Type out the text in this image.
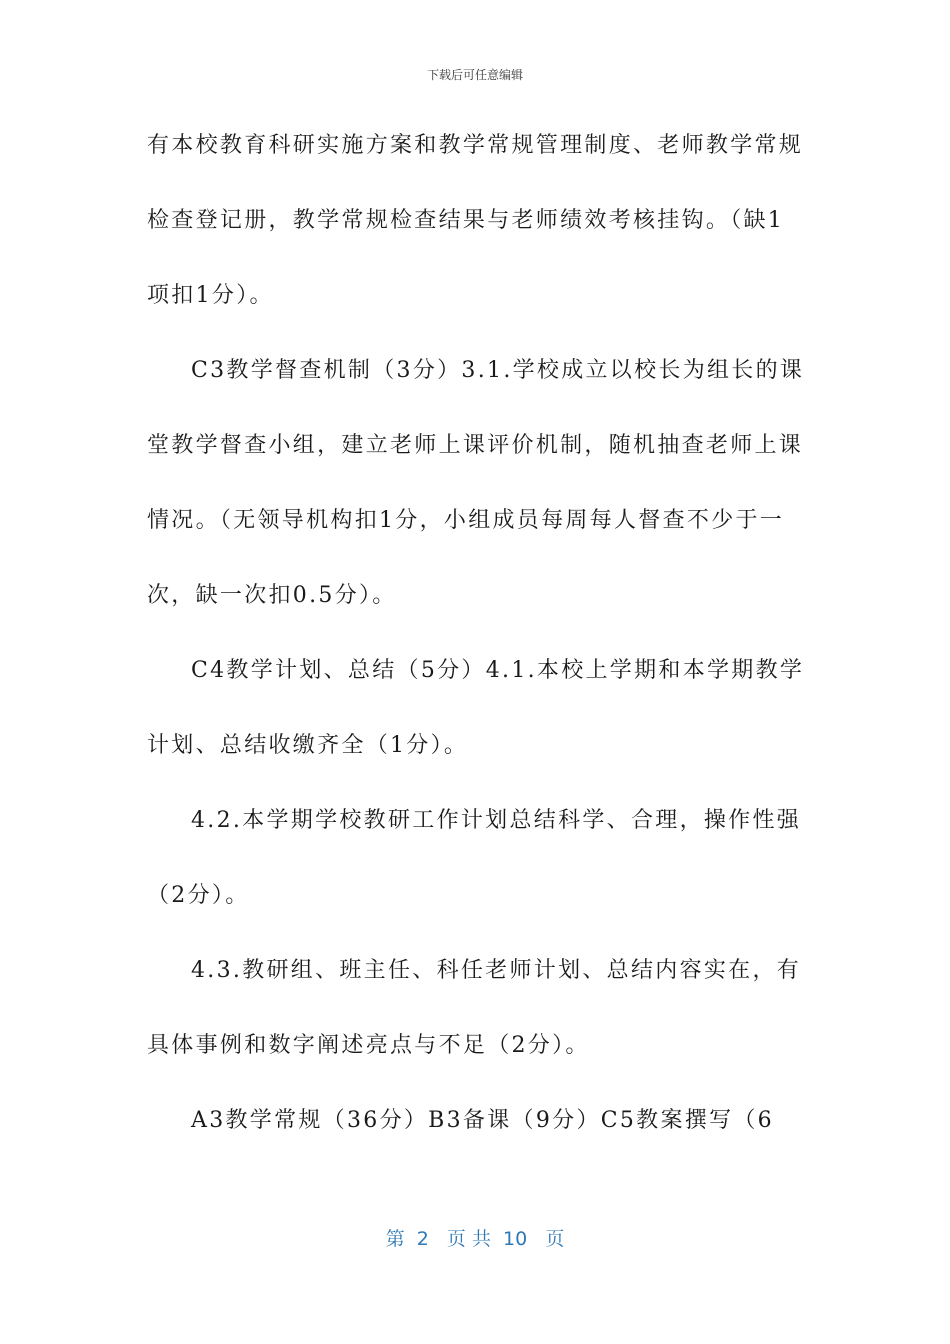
下载后可任意编辑
有本校教育科研实施方案和教学常规管理制度、老师教学常规
检查登记册，教学常规检查结果与老师绩效考核挂钩。（缺1
项扣1分）。
C3教学督查机制（3分）3.1.学校成立以校长为组长的课
堂教学督查小组，建立老师上课评价机制，随机抽查老师上课
情况。（无领导机构扣1分，小组成员每周每人督查不少于一
次，缺一次扣0.5分）。
C4教学计划、总结（5分）4.1.本校上学期和本学期教学
计划、总结收缴齐全（1分）。
4.2.本学期学校教研工作计划总结科学、合理，操作性强
（2分）。
4.3.教研组、班主任、科任老师计划、总结内容实在，有
具体事例和数字阐述亮点与不足（2分）。
A3教学常规（36分）B3备课（9分）C5教案撰写（6
第  2   页 共  10   页
